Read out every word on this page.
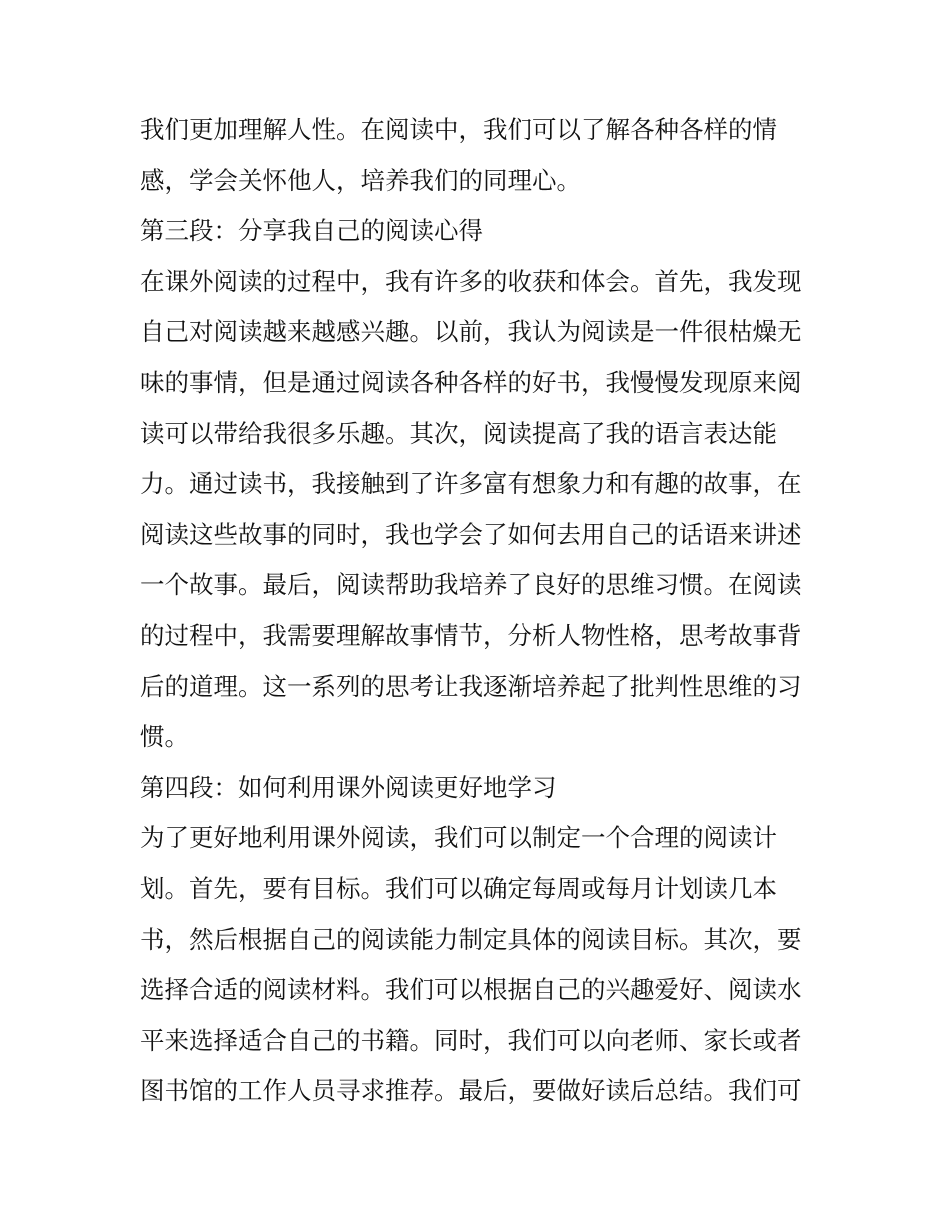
我们更加理解人性。在阅读中，我们可以了解各种各样的情
感，学会关怀他人，培养我们的同理心。
第三段：分享我自己的阅读心得
在课外阅读的过程中，我有许多的收获和体会。首先，我发现
自己对阅读越来越感兴趣。以前，我认为阅读是一件很枯燥无
味的事情，但是通过阅读各种各样的好书，我慢慢发现原来阅
读可以带给我很多乐趣。其次，阅读提高了我的语言表达能
力。通过读书，我接触到了许多富有想象力和有趣的故事，在
阅读这些故事的同时，我也学会了如何去用自己的话语来讲述
一个故事。最后，阅读帮助我培养了良好的思维习惯。在阅读
的过程中，我需要理解故事情节，分析人物性格，思考故事背
后的道理。这一系列的思考让我逐渐培养起了批判性思维的习
惯。
第四段：如何利用课外阅读更好地学习
为了更好地利用课外阅读，我们可以制定一个合理的阅读计
划。首先，要有目标。我们可以确定每周或每月计划读几本
书，然后根据自己的阅读能力制定具体的阅读目标。其次，要
选择合适的阅读材料。我们可以根据自己的兴趣爱好、阅读水
平来选择适合自己的书籍。同时，我们可以向老师、家长或者
图书馆的工作人员寻求推荐。最后，要做好读后总结。我们可
